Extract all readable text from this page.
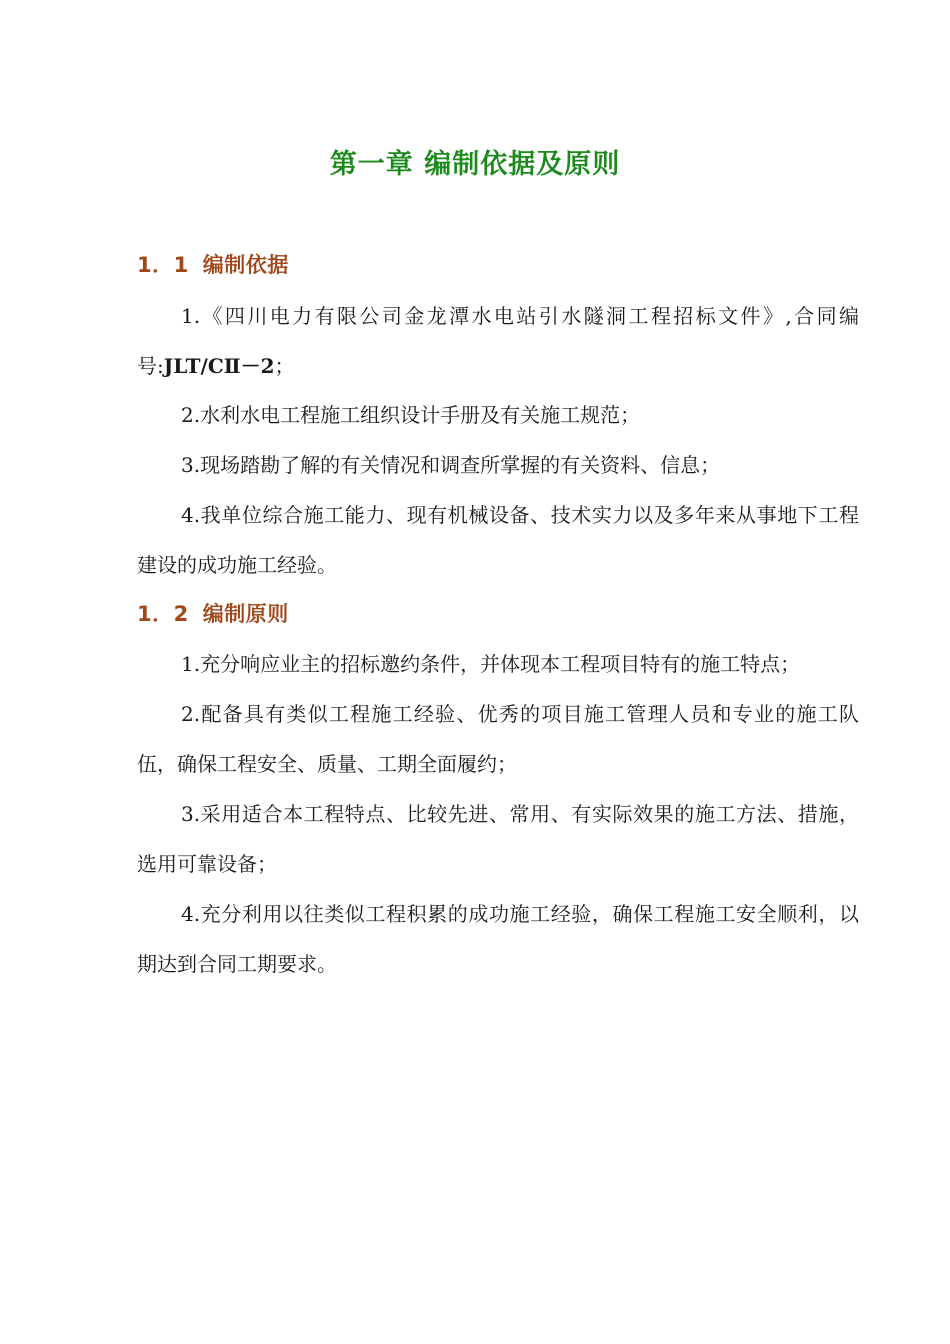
第一章 编制依据及原则
1．1 编制依据

1.《四川电力有限公司金龙潭水电站引水隧洞工程招标文件》,合同编号:JLT/CⅡ－2；

2.水利水电工程施工组织设计手册及有关施工规范；

3.现场踏勘了解的有关情况和调查所掌握的有关资料、信息；

4.我单位综合施工能力、现有机械设备、技术实力以及多年来从事地下工程建设的成功施工经验。

1．2 编制原则

1.充分响应业主的招标邀约条件，并体现本工程项目特有的施工特点；

2.配备具有类似工程施工经验、优秀的项目施工管理人员和专业的施工队伍，确保工程安全、质量、工期全面履约；

3.采用适合本工程特点、比较先进、常用、有实际效果的施工方法、措施，选用可靠设备；

4.充分利用以往类似工程积累的成功施工经验，确保工程施工安全顺利，以期达到合同工期要求。
